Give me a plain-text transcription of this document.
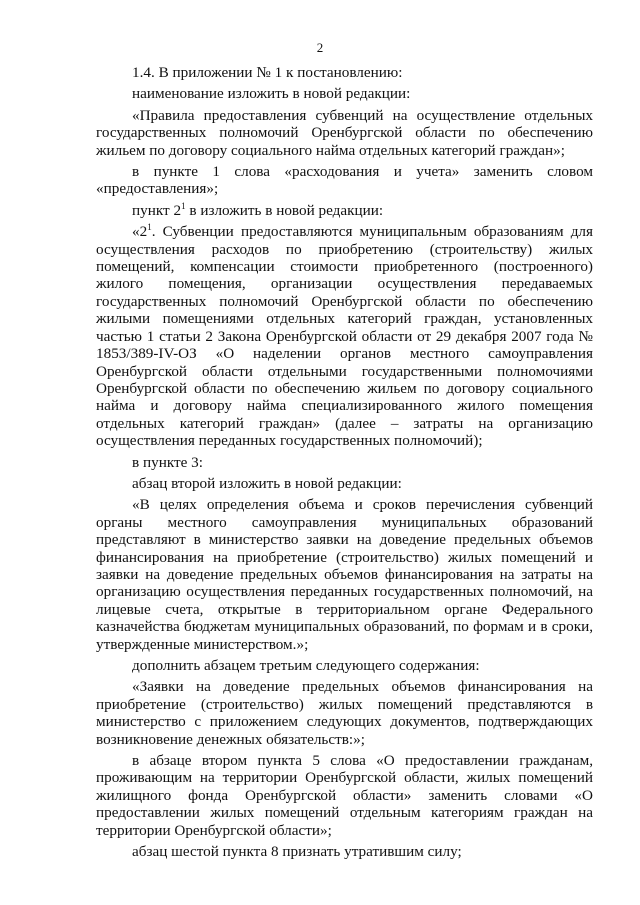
2

1.4. В приложении № 1 к постановлению:

наименование изложить в новой редакции:

«Правила предоставления субвенций на осуществление отдельных государственных полномочий Оренбургской области по обеспечению жильем по договору социального найма отдельных категорий граждан»;

в пункте 1 слова «расходования и учета» заменить словом «предоставления»;

пункт $2^1$ в изложить в новой редакции:

«$2^1$. Субвенции предоставляются муниципальным образованиям для осуществления расходов по приобретению (строительству) жилых помещений, компенсации стоимости приобретенного (построенного) жилого помещения, организации осуществления передаваемых государственных полномочий Оренбургской области по обеспечению жилыми помещениями отдельных категорий граждан, установленных частью 1 статьи 2 Закона Оренбургской области от 29 декабря 2007 года № 1853/389-IV-ОЗ «О наделении органов местного самоуправления Оренбургской области отдельными государственными полномочиями Оренбургской области по обеспечению жильем по договору социального найма и договору найма специализированного жилого помещения отдельных категорий граждан» (далее – затраты на организацию осуществления переданных государственных полномочий);

в пункте 3:

абзац второй изложить в новой редакции:

«В целях определения объема и сроков перечисления субвенций органы местного самоуправления муниципальных образований представляют в министерство заявки на доведение предельных объемов финансирования на приобретение (строительство) жилых помещений и заявки на доведение предельных объемов финансирования на затраты на организацию осуществления переданных государственных полномочий, на лицевые счета, открытые в территориальном органе Федерального казначейства бюджетам муниципальных образований, по формам и в сроки, утвержденные министерством.»;

дополнить абзацем третьим следующего содержания:

«Заявки на доведение предельных объемов финансирования на приобретение (строительство) жилых помещений представляются в министерство с приложением следующих документов, подтверждающих возникновение денежных обязательств:»;

в абзаце втором пункта 5 слова «О предоставлении гражданам, проживающим на территории Оренбургской области, жилых помещений жилищного фонда Оренбургской области» заменить словами «О предоставлении жилых помещений отдельным категориям граждан на территории Оренбургской области»;

абзац шестой пункта 8 признать утратившим силу;
